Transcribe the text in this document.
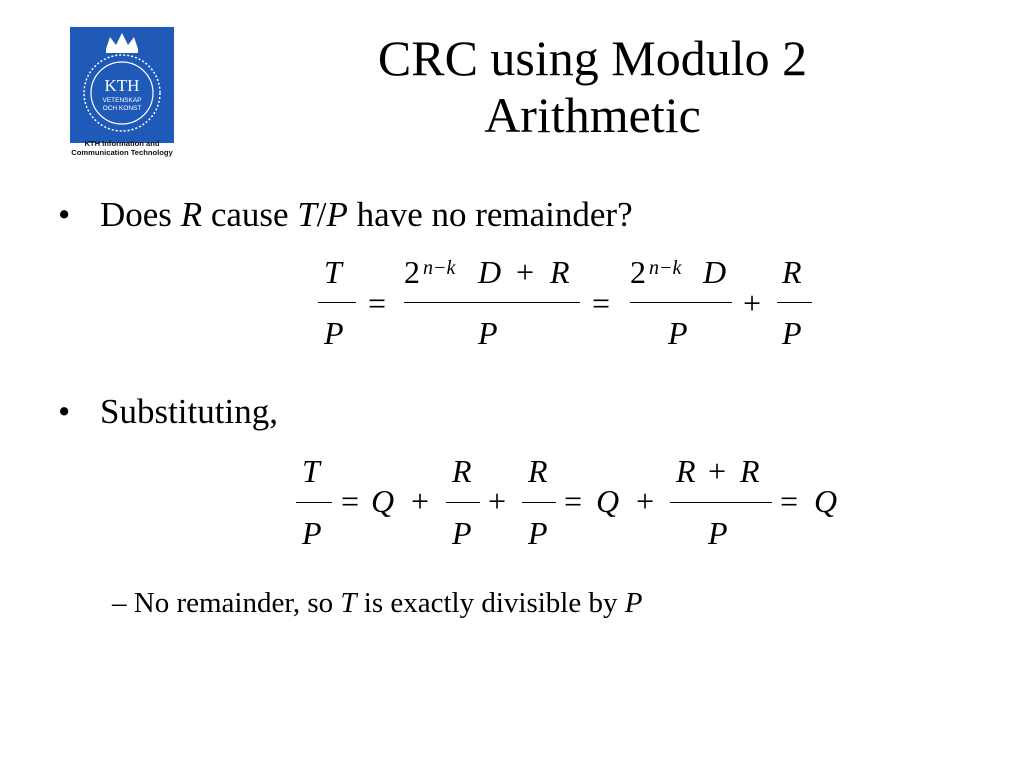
KTH
VETENSKAP
OCH KONST
KTH Information and
Communication Technology
CRC using Modulo 2
Arithmetic
• Does R cause T/P have no remainder?
T
P
=
2 n−k D + R
P
=
2 n−k D
P
+
R
P
• Substituting,
T
P
= Q +
R
P
+
R
P
= Q +
R + R
P
= Q
– No remainder, so T is exactly divisible by P
